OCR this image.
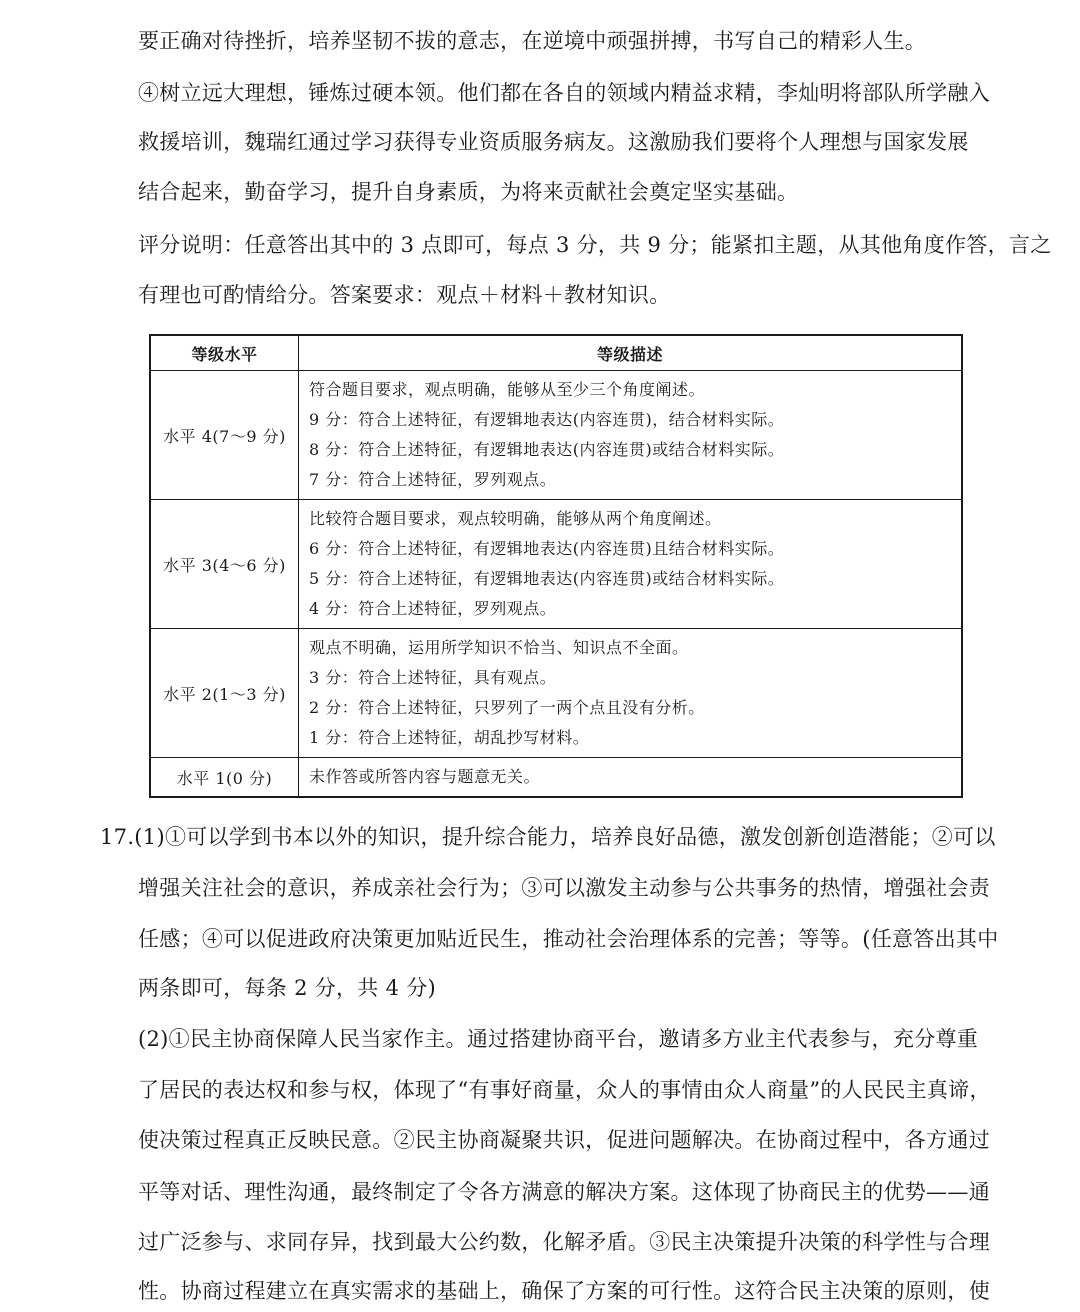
要正确对待挫折，培养坚韧不拔的意志，在逆境中顽强拼搏，书写自己的精彩人生。
④树立远大理想，锤炼过硬本领。他们都在各自的领域内精益求精，李灿明将部队所学融入
救援培训，魏瑞红通过学习获得专业资质服务病友。这激励我们要将个人理想与国家发展
结合起来，勤奋学习，提升自身素质，为将来贡献社会奠定坚实基础。
评分说明：任意答出其中的 3 点即可，每点 3 分，共 9 分；能紧扣主题，从其他角度作答，言之
有理也可酌情给分。答案要求：观点＋材料＋教材知识。
等级水平	等级描述
水平 4(7～9 分)	符合题目要求，观点明确，能够从至少三个角度阐述。
9 分：符合上述特征，有逻辑地表达(内容连贯)，结合材料实际。
8 分：符合上述特征，有逻辑地表达(内容连贯)或结合材料实际。
7 分：符合上述特征，罗列观点。

水平 3(4～6 分)	比较符合题目要求，观点较明确，能够从两个角度阐述。
6 分：符合上述特征，有逻辑地表达(内容连贯)且结合材料实际。
5 分：符合上述特征，有逻辑地表达(内容连贯)或结合材料实际。
4 分：符合上述特征，罗列观点。

水平 2(1～3 分)	观点不明确，运用所学知识不恰当、知识点不全面。
3 分：符合上述特征，具有观点。
2 分：符合上述特征，只罗列了一两个点且没有分析。
1 分：符合上述特征，胡乱抄写材料。

水平 1(0 分)	未作答或所答内容与题意无关。
17.(1)①可以学到书本以外的知识，提升综合能力，培养良好品德，激发创新创造潜能；②可以
增强关注社会的意识，养成亲社会行为；③可以激发主动参与公共事务的热情，增强社会责
任感；④可以促进政府决策更加贴近民生，推动社会治理体系的完善；等等。(任意答出其中
两条即可，每条 2 分，共 4 分)
(2)①民主协商保障人民当家作主。通过搭建协商平台，邀请多方业主代表参与，充分尊重
了居民的表达权和参与权，体现了“有事好商量，众人的事情由众人商量”的人民民主真谛，
使决策过程真正反映民意。②民主协商凝聚共识，促进问题解决。在协商过程中，各方通过
平等对话、理性沟通，最终制定了令各方满意的解决方案。这体现了协商民主的优势——通
过广泛参与、求同存异，找到最大公约数，化解矛盾。③民主决策提升决策的科学性与合理
性。协商过程建立在真实需求的基础上，确保了方案的可行性。这符合民主决策的原则，使
